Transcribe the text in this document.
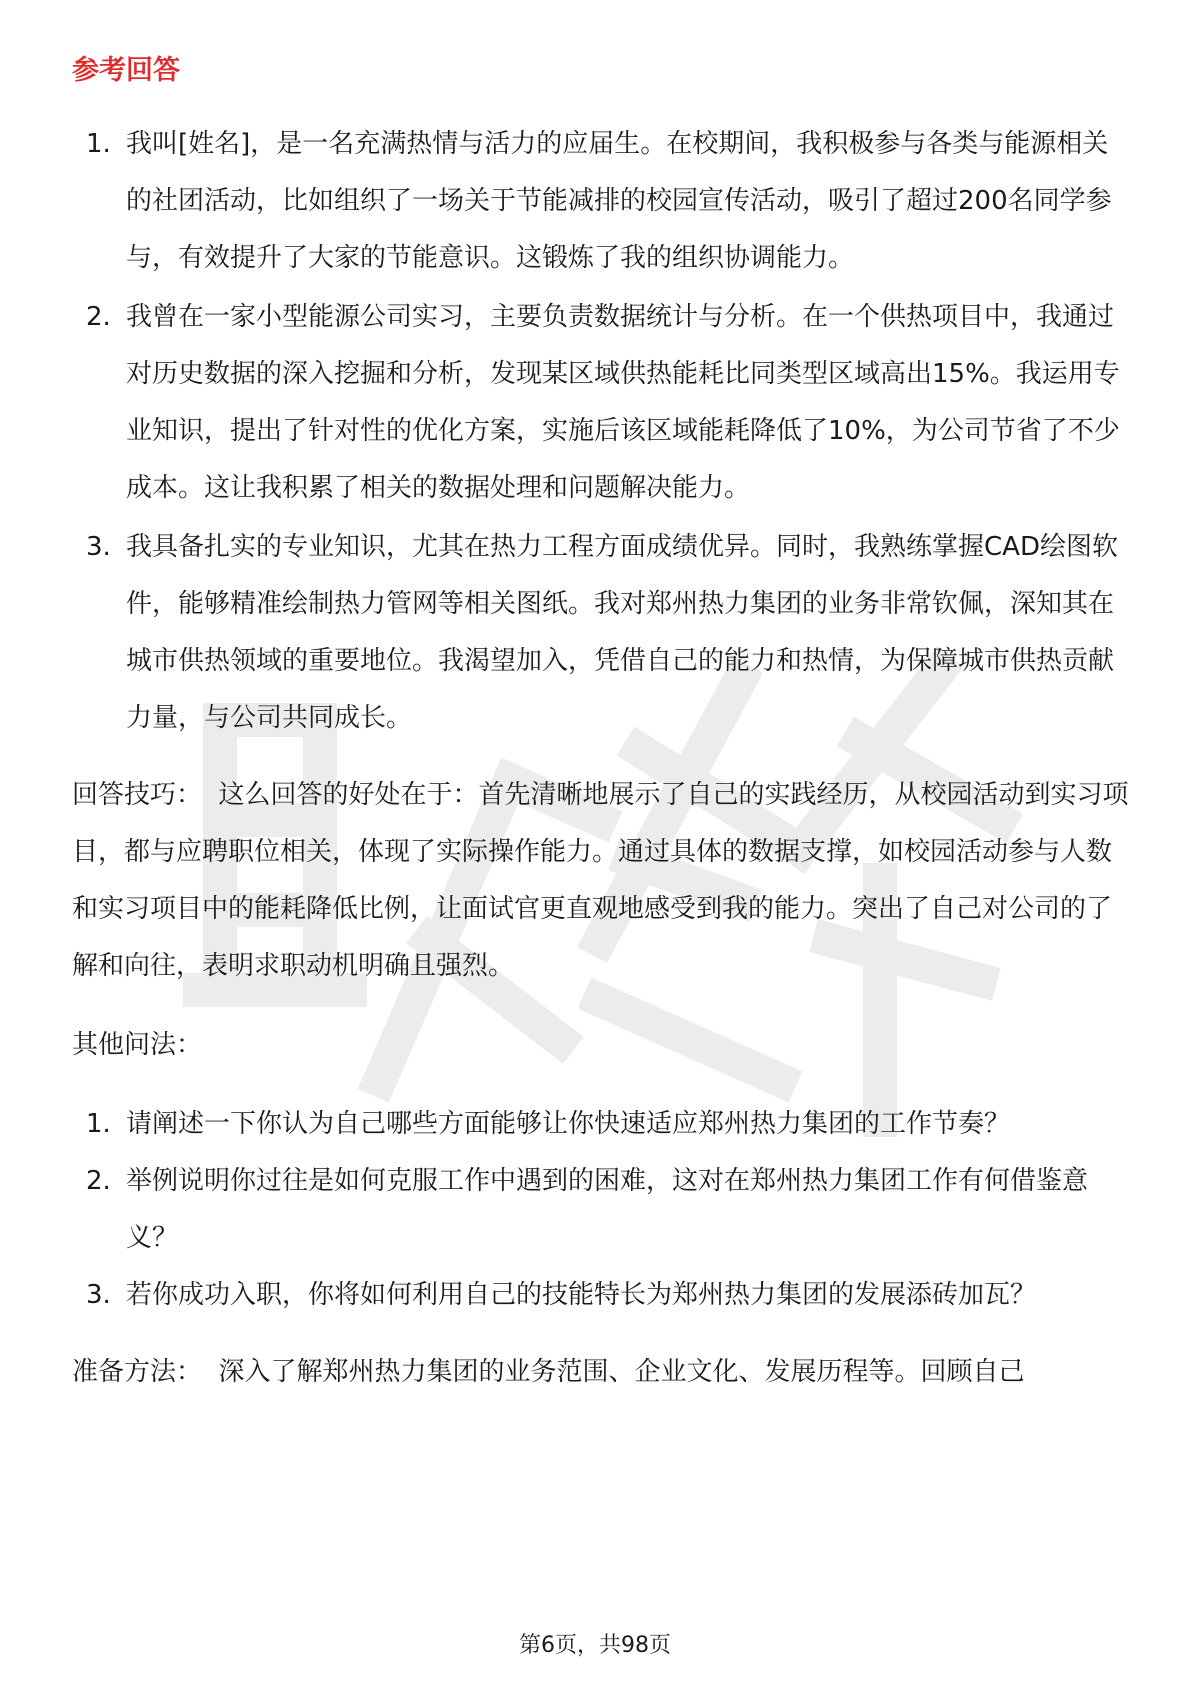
参考回答
1. 我叫[姓名]，是一名充满热情与活力的应届生。在校期间，我积极参与各类与能源相关的社团活动，比如组织了一场关于节能减排的校园宣传活动，吸引了超过200名同学参与，有效提升了大家的节能意识。这锻炼了我的组织协调能力。
2. 我曾在一家小型能源公司实习，主要负责数据统计与分析。在一个供热项目中，我通过对历史数据的深入挖掘和分析，发现某区域供热能耗比同类型区域高出15%。我运用专业知识，提出了针对性的优化方案，实施后该区域能耗降低了10%，为公司节省了不少成本。这让我积累了相关的数据处理和问题解决能力。
3. 我具备扎实的专业知识，尤其在热力工程方面成绩优异。同时，我熟练掌握CAD绘图软件，能够精准绘制热力管网等相关图纸。我对郑州热力集团的业务非常钦佩，深知其在城市供热领域的重要地位。我渴望加入，凭借自己的能力和热情，为保障城市供热贡献力量，与公司共同成长。

回答技巧： 这么回答的好处在于：首先清晰地展示了自己的实践经历，从校园活动到实习项目，都与应聘职位相关，体现了实际操作能力。通过具体的数据支撑，如校园活动参与人数和实习项目中的能耗降低比例，让面试官更直观地感受到我的能力。突出了自己对公司的了解和向往，表明求职动机明确且强烈。

其他问法：

1. 请阐述一下你认为自己哪些方面能够让你快速适应郑州热力集团的工作节奏？
2. 举例说明你过往是如何克服工作中遇到的困难，这对在郑州热力集团工作有何借鉴意义？
3. 若你成功入职，你将如何利用自己的技能特长为郑州热力集团的发展添砖加瓦？

准备方法： 深入了解郑州热力集团的业务范围、企业文化、发展历程等。回顾自己

第6页，共98页
